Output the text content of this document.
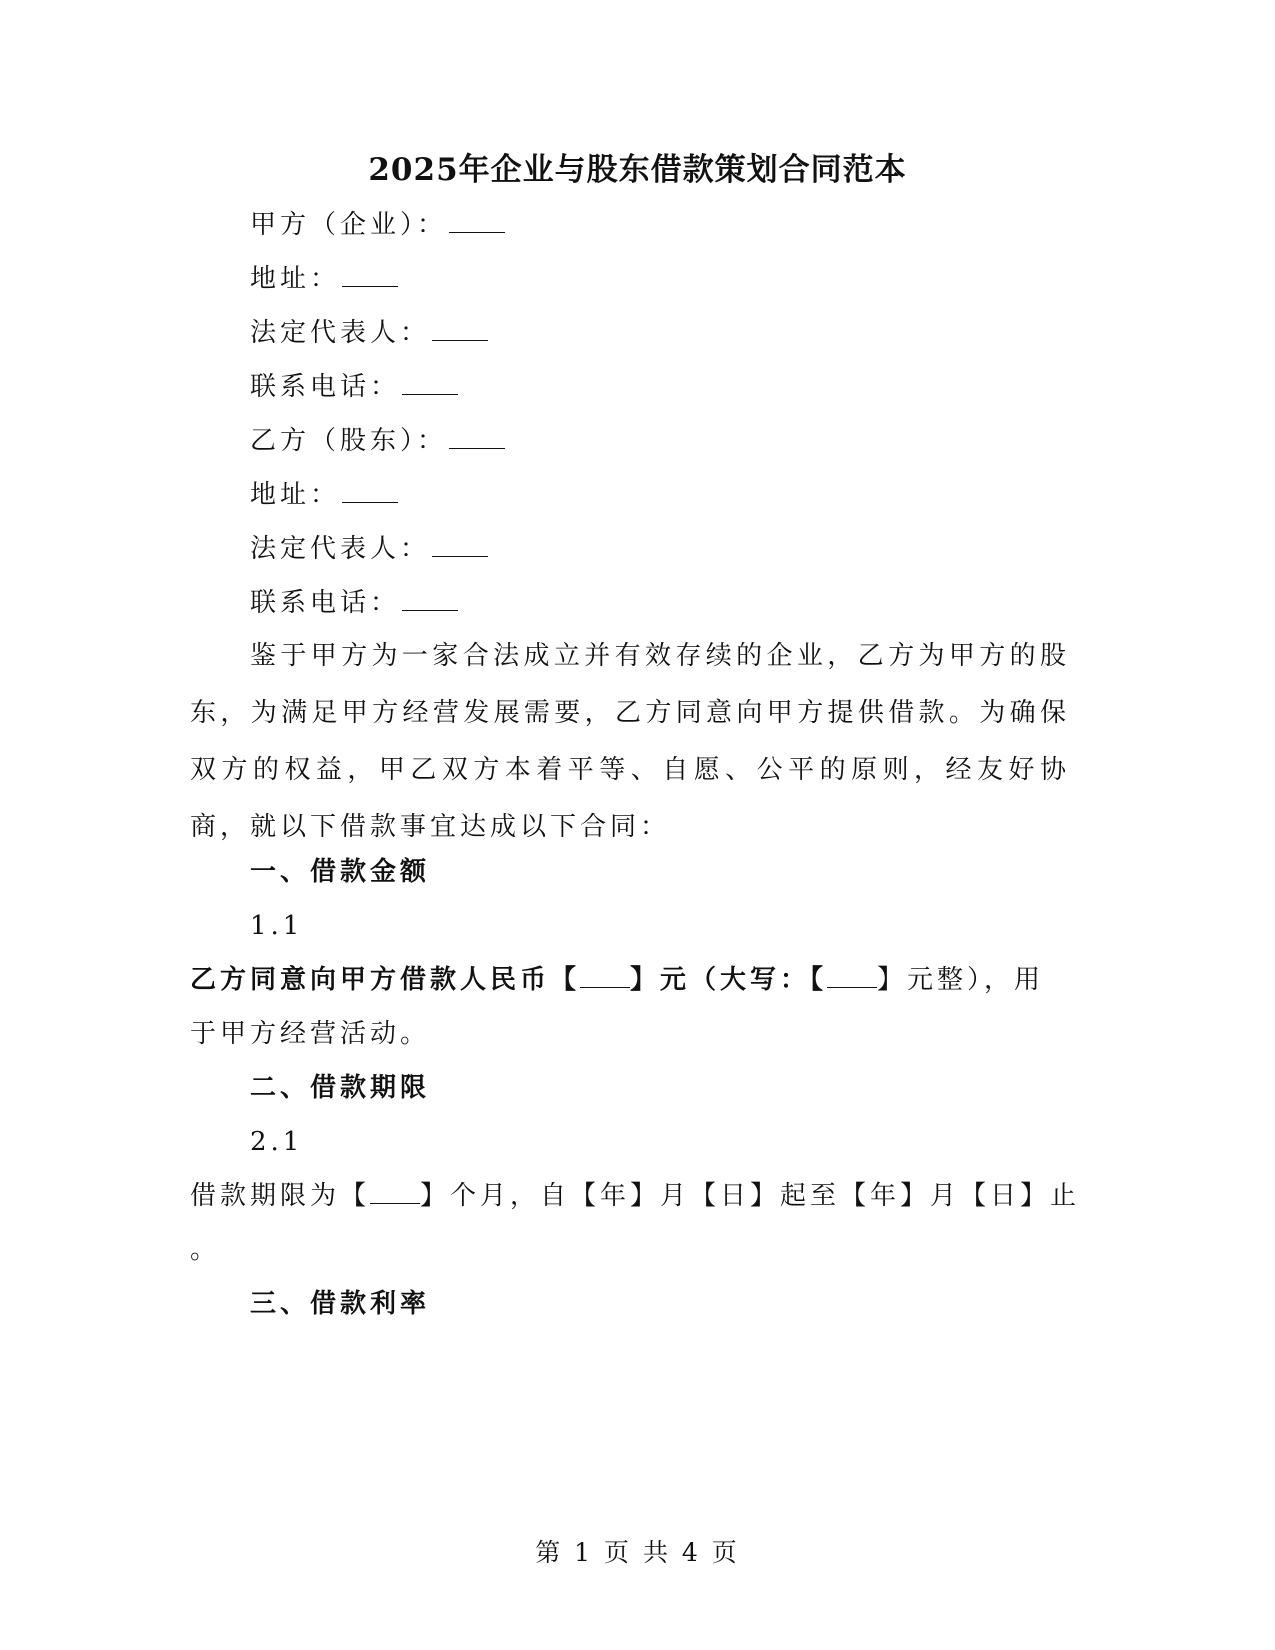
2025年企业与股东借款策划合同范本
甲方（企业）：
地址：
法定代表人：
联系电话：
乙方（股东）：
地址：
法定代表人：
联系电话：
鉴于甲方为一家合法成立并有效存续的企业，乙方为甲方的股东，为满足甲方经营发展需要，乙方同意向甲方提供借款。为确保双方的权益，甲乙双方本着平等、自愿、公平的原则，经友好协商，就以下借款事宜达成以下合同：
一、借款金额
1.1
乙方同意向甲方借款人民币【 】元（大写：【 】元整），用
于甲方经营活动。
二、借款期限
2.1
借款期限为【 】个月，自【年】月【日】起至【年】月【日】止
。
三、借款利率
第 1 页 共 4 页
